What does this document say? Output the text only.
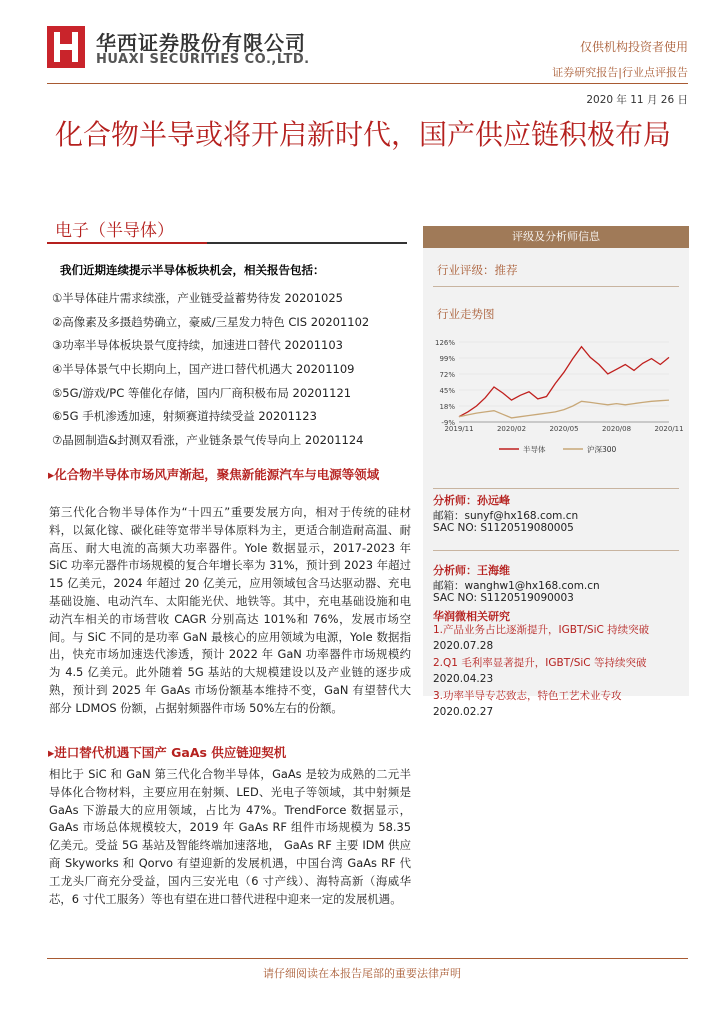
华西证券股份有限公司
HUAXI SECURITIES CO.,LTD.
仅供机构投资者使用
证券研究报告|行业点评报告
2020 年 11 月 26 日
化合物半导或将开启新时代，国产供应链积极布局
电子（半导体）
我们近期连续提示半导体板块机会，相关报告包括：
①半导体硅片需求续涨，产业链受益蓄势待发 20201025
②高像素及多摄趋势确立，豪威/三星发力特色 CIS 20201102
③功率半导体板块景气度持续，加速进口替代 20201103
④半导体景气中长期向上，国产进口替代机遇大 20201109
⑤5G/游戏/PC 等催化存储，国内厂商积极布局 20201121
⑥5G 手机渗透加速，射频赛道持续受益 20201123
⑦晶圆制造&封测双看涨，产业链条景气传导向上 20201124
▸化合物半导体市场风声渐起，聚焦新能源汽车与电源等领域
第三代化合物半导体作为“十四五”重要发展方向，相对于传统的硅材料，以氮化镓、碳化硅等宽带半导体原料为主，更适合制造耐高温、耐高压、耐大电流的高频大功率器件。Yole 数据显示，2017-2023 年 SiC 功率元器件市场规模的复合年增长率为 31%，预计到 2023 年超过 15 亿美元，2024 年超过 20 亿美元，应用领域包含马达驱动器、充电基础设施、电动汽车、太阳能光伏、地铁等。其中，充电基础设施和电动汽车相关的市场营收 CAGR 分别高达 101%和 76%，发展市场空间。与 SiC 不同的是功率 GaN 最核心的应用领域为电源，Yole 数据指出，快充市场加速迭代渗透，预计 2022 年 GaN 功率器件市场规模约为 4.5 亿美元。此外随着 5G 基站的大规模建设以及产业链的逐步成熟，预计到 2025 年 GaAs 市场份额基本维持不变，GaN 有望替代大部分 LDMOS 份额，占据射频器件市场 50%左右的份额。
▸进口替代机遇下国产 GaAs 供应链迎契机
相比于 SiC 和 GaN 第三代化合物半导体，GaAs 是较为成熟的二元半导体化合物材料，主要应用在射频、LED、光电子等领域，其中射频是 GaAs 下游最大的应用领域，占比为 47%。TrendForce 数据显示，GaAs 市场总体规模较大，2019 年 GaAs RF 组件市场规模为 58.35 亿美元。受益 5G 基站及智能终端加速落地， GaAs RF 主要 IDM 供应商 Skyworks 和 Qorvo 有望迎新的发展机遇，中国台湾 GaAs RF 代工龙头厂商充分受益，国内三安光电（6 寸产线）、海特高新（海威华芯，6 寸代工服务）等也有望在进口替代进程中迎来一定的发展机遇。
评级及分析师信息
行业评级：推荐
行业走势图
126%
99%
72%
45%
18%
-9%
2019/11	2020/02	2020/05	2020/08	2020/11
半导体	沪深300
分析师：孙远峰
邮箱：sunyf@hx168.com.cn
SAC NO: S1120519080005
分析师：王海维
邮箱：wanghw1@hx168.com.cn
SAC NO: S1120519090003
华润微相关研究
1.产品业务占比逐渐提升，IGBT/SiC 持续突破
2020.07.28
2.Q1 毛利率显著提升，IGBT/SiC 等持续突破
2020.04.23
3.功率半导专芯致志，特色工艺术业专攻
2020.02.27
请仔细阅读在本报告尾部的重要法律声明
